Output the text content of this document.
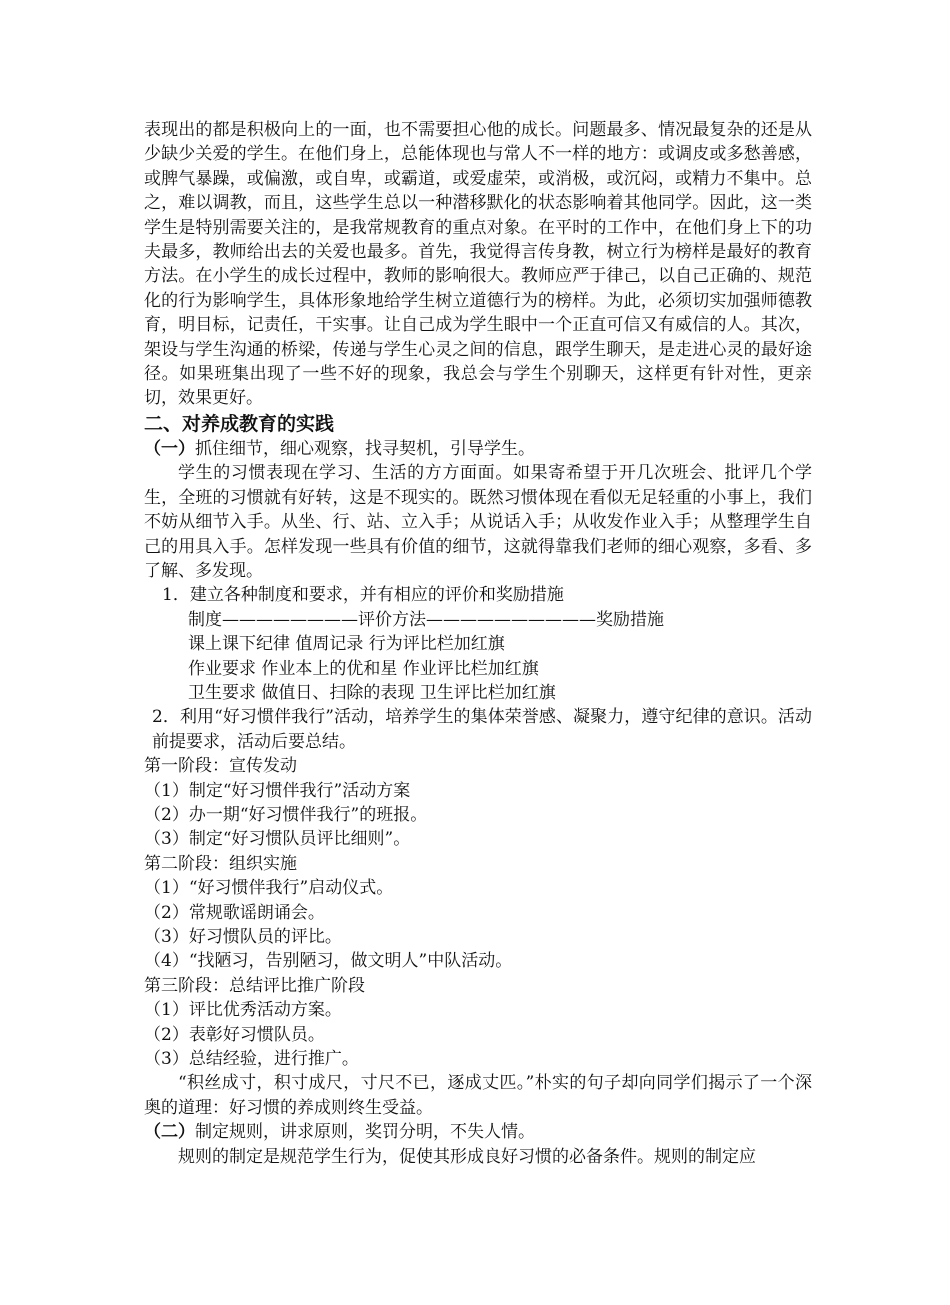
表现出的都是积极向上的一面，也不需要担心他的成长。问题最多、情况最复杂的还是从少缺少关爱的学生。在他们身上，总能体现也与常人不一样的地方：或调皮或多愁善感，或脾气暴躁，或偏激，或自卑，或霸道，或爱虚荣，或消极，或沉闷，或精力不集中。总之，难以调教，而且，这些学生总以一种潜移默化的状态影响着其他同学。因此，这一类学生是特别需要关注的，是我常规教育的重点对象。在平时的工作中，在他们身上下的功夫最多，教师给出去的关爱也最多。首先，我觉得言传身教，树立行为榜样是最好的教育方法。在小学生的成长过程中，教师的影响很大。教师应严于律己，以自己正确的、规范化的行为影响学生，具体形象地给学生树立道德行为的榜样。为此，必须切实加强师德教育，明目标，记责任，干实事。让自己成为学生眼中一个正直可信又有威信的人。其次，架设与学生沟通的桥梁，传递与学生心灵之间的信息，跟学生聊天，是走进心灵的最好途径。如果班集出现了一些不好的现象，我总会与学生个别聊天，这样更有针对性，更亲切，效果更好。

二、对养成教育的实践

（一）抓住细节，细心观察，找寻契机，引导学生。

学生的习惯表现在学习、生活的方方面面。如果寄希望于开几次班会、批评几个学生，全班的习惯就有好转，这是不现实的。既然习惯体现在看似无足轻重的小事上，我们不妨从细节入手。从坐、行、站、立入手；从说话入手；从收发作业入手；从整理学生自己的用具入手。怎样发现一些具有价值的细节，这就得靠我们老师的细心观察，多看、多了解、多发现。

1．建立各种制度和要求，并有相应的评价和奖励措施

制度————————评价方法——————————奖励措施

课上课下纪律 值周记录 行为评比栏加红旗

作业要求 作业本上的优和星 作业评比栏加红旗

卫生要求 做值日、扫除的表现 卫生评比栏加红旗

2．利用“好习惯伴我行”活动，培养学生的集体荣誉感、凝聚力，遵守纪律的意识。活动前提要求，活动后要总结。

第一阶段：宣传发动

（1）制定“好习惯伴我行”活动方案

（2）办一期“好习惯伴我行”的班报。

（3）制定“好习惯队员评比细则”。

第二阶段：组织实施

（1）“好习惯伴我行”启动仪式。

（2）常规歌谣朗诵会。

（3）好习惯队员的评比。

（4）“找陋习，告别陋习，做文明人”中队活动。

第三阶段：总结评比推广阶段

（1）评比优秀活动方案。

（2）表彰好习惯队员。

（3）总结经验，进行推广。

“积丝成寸，积寸成尺，寸尺不已，逐成丈匹。”朴实的句子却向同学们揭示了一个深奥的道理：好习惯的养成则终生受益。

（二）制定规则，讲求原则，奖罚分明，不失人情。

规则的制定是规范学生行为，促使其形成良好习惯的必备条件。规则的制定应
